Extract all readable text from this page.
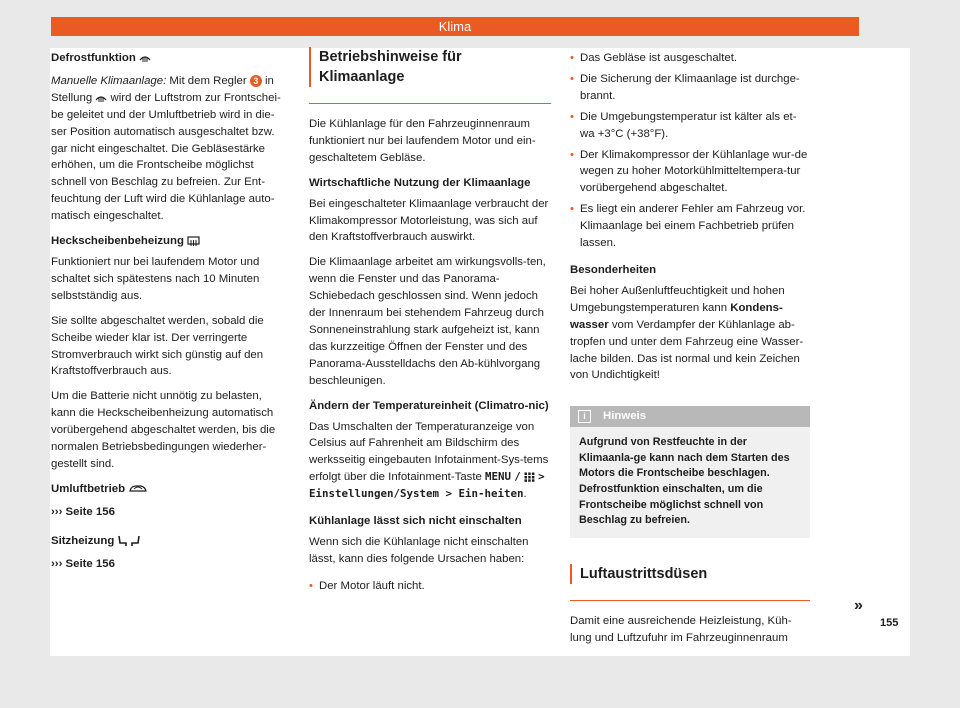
Klima
Defrostfunktion

Manuelle Klimaanlage: Mit dem Regler 3 in Stellung wird der Luftstrom zur Frontschei-be geleitet und der Umluftbetrieb wird in die-ser Position automatisch ausgeschaltet bzw. gar nicht eingeschaltet. Die Gebläsestärke erhöhen, um die Frontscheibe möglichst schnell von Beschlag zu befreien. Zur Ent-feuchtung der Luft wird die Kühlanlage auto-matisch eingeschaltet.

Heckscheibenbeheizung

Funktioniert nur bei laufendem Motor und schaltet sich spätestens nach 10 Minuten selbstständig aus.

Sie sollte abgeschaltet werden, sobald die Scheibe wieder klar ist. Der verringerte Stromverbrauch wirkt sich günstig auf den Kraftstoffverbrauch aus.

Um die Batterie nicht unnötig zu belasten, kann die Heckscheibenheizung automatisch vorübergehend abgeschaltet werden, bis die normalen Betriebsbedingungen wiederher-gestellt sind.

Umluftbetrieb

››› Seite 156

Sitzheizung

››› Seite 156

Betriebshinweise für Klimaanlage

Die Kühlanlage für den Fahrzeuginnenraum funktioniert nur bei laufendem Motor und ein-geschaltetem Gebläse.

Wirtschaftliche Nutzung der Klimaanlage

Bei eingeschalteter Klimaanlage verbraucht der Klimakompressor Motorleistung, was sich auf den Kraftstoffverbrauch auswirkt.

Die Klimaanlage arbeitet am wirkungsvolls-ten, wenn die Fenster und das Panorama-Schiebedach geschlossen sind. Wenn jedoch der Innenraum bei stehendem Fahrzeug durch Sonneneinstrahlung stark aufgeheizt ist, kann das kurzzeitige Öffnen der Fenster und des Panorama-Ausstelldachs den Ab-kühlvorgang beschleunigen.

Ändern der Temperatureinheit (Climatro-nic)

Das Umschalten der Temperaturanzeige von Celsius auf Fahrenheit am Bildschirm des werksseitig eingebauten Infotainment-Sys-tems erfolgt über die Infotainment-Taste MENU / > Einstellungen/System > Ein-heiten.

Kühlanlage lässt sich nicht einschalten

Wenn sich die Kühlanlage nicht einschalten lässt, kann dies folgende Ursachen haben:

• Der Motor läuft nicht.
• Das Gebläse ist ausgeschaltet.
• Die Sicherung der Klimaanlage ist durchge-brannt.
• Die Umgebungstemperatur ist kälter als et-wa +3°C (+38°F).
• Der Klimakompressor der Kühlanlage wur-de wegen zu hoher Motorkühlmitteltempera-tur vorübergehend abgeschaltet.
• Es liegt ein anderer Fehler am Fahrzeug vor. Klimaanlage bei einem Fachbetrieb prüfen lassen.
Besonderheiten

Bei hoher Außenluftfeuchtigkeit und hohen Umgebungstemperaturen kann Kondens-wasser vom Verdampfer der Kühlanlage ab-tropfen und unter dem Fahrzeug eine Wasser-lache bilden. Das ist normal und kein Zeichen von Undichtigkeit!

i	Hinweis
Aufgrund von Restfeuchte in der Klimaanla-ge kann nach dem Starten des Motors die Frontscheibe beschlagen. Defrostfunktion einschalten, um die Frontscheibe möglichst schnell von Beschlag zu befreien.
Luftaustrittsdüsen

Damit eine ausreichende Heizleistung, Küh-lung und Luftzufuhr im Fahrzeuginnenraum

»
155
